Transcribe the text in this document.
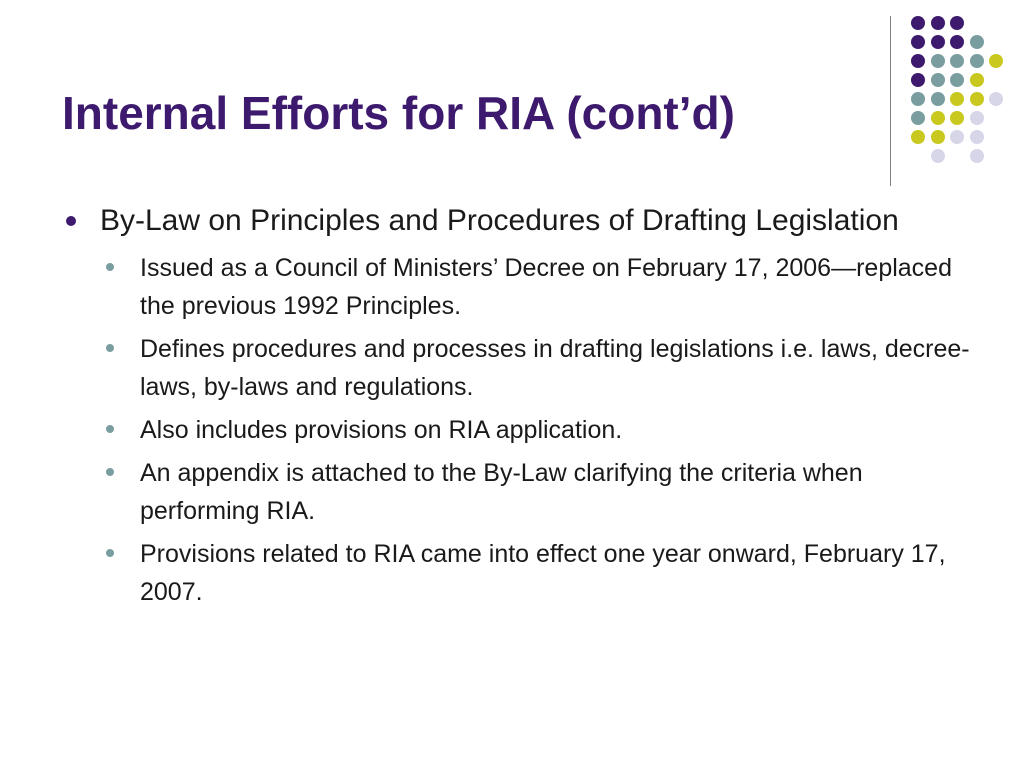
Internal Efforts for RIA (cont’d)
By-Law on Principles and Procedures of Drafting Legislation
Issued as a Council of Ministers’ Decree on February 17, 2006—replaced the previous 1992 Principles.
Defines procedures and processes in drafting legislations i.e. laws, decree-laws, by-laws and regulations.
Also includes provisions on RIA application.
An appendix is attached to the By-Law clarifying the criteria when performing RIA.
Provisions related to RIA came into effect one year onward, February 17, 2007.
